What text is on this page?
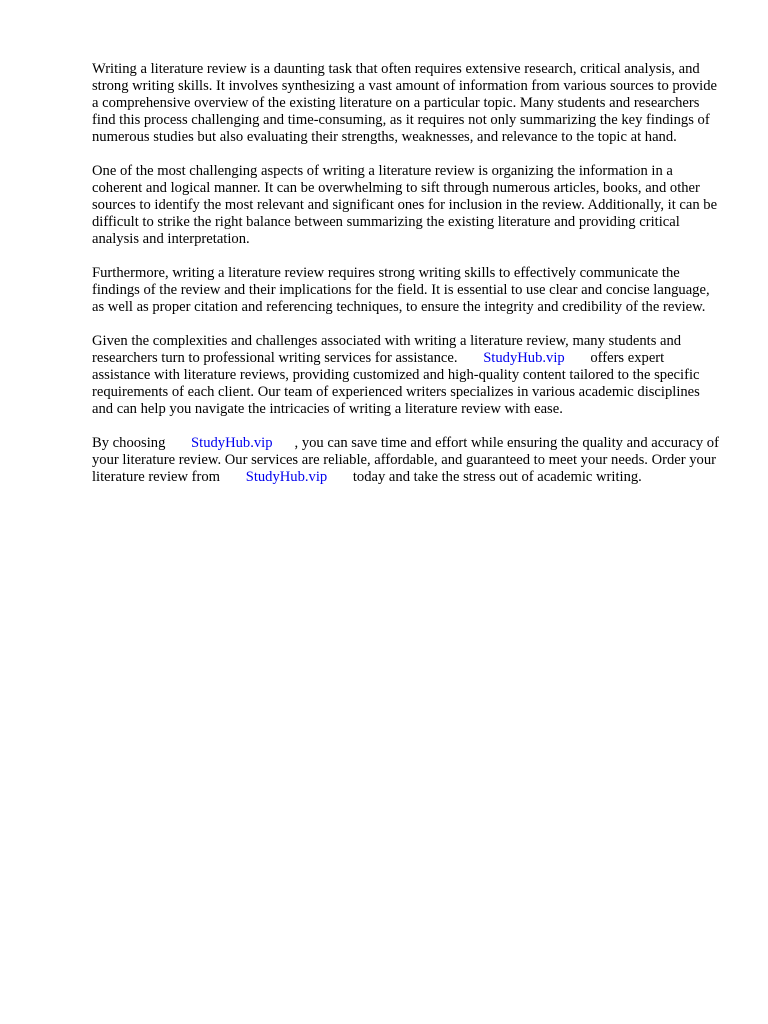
Writing a literature review is a daunting task that often requires extensive research, critical analysis, and strong writing skills. It involves synthesizing a vast amount of information from various sources to provide a comprehensive overview of the existing literature on a particular topic. Many students and researchers find this process challenging and time-consuming, as it requires not only summarizing the key findings of numerous studies but also evaluating their strengths, weaknesses, and relevance to the topic at hand.

One of the most challenging aspects of writing a literature review is organizing the information in a coherent and logical manner. It can be overwhelming to sift through numerous articles, books, and other sources to identify the most relevant and significant ones for inclusion in the review. Additionally, it can be difficult to strike the right balance between summarizing the existing literature and providing critical analysis and interpretation.

Furthermore, writing a literature review requires strong writing skills to effectively communicate the findings of the review and their implications for the field. It is essential to use clear and concise language, as well as proper citation and referencing techniques, to ensure the integrity and credibility of the review.

Given the complexities and challenges associated with writing a literature review, many students and researchers turn to professional writing services for assistance. StudyHub.vip offers expert assistance with literature reviews, providing customized and high-quality content tailored to the specific requirements of each client. Our team of experienced writers specializes in various academic disciplines and can help you navigate the intricacies of writing a literature review with ease.

By choosing StudyHub.vip , you can save time and effort while ensuring the quality and accuracy of your literature review. Our services are reliable, affordable, and guaranteed to meet your needs. Order your literature review from StudyHub.vip today and take the stress out of academic writing.
